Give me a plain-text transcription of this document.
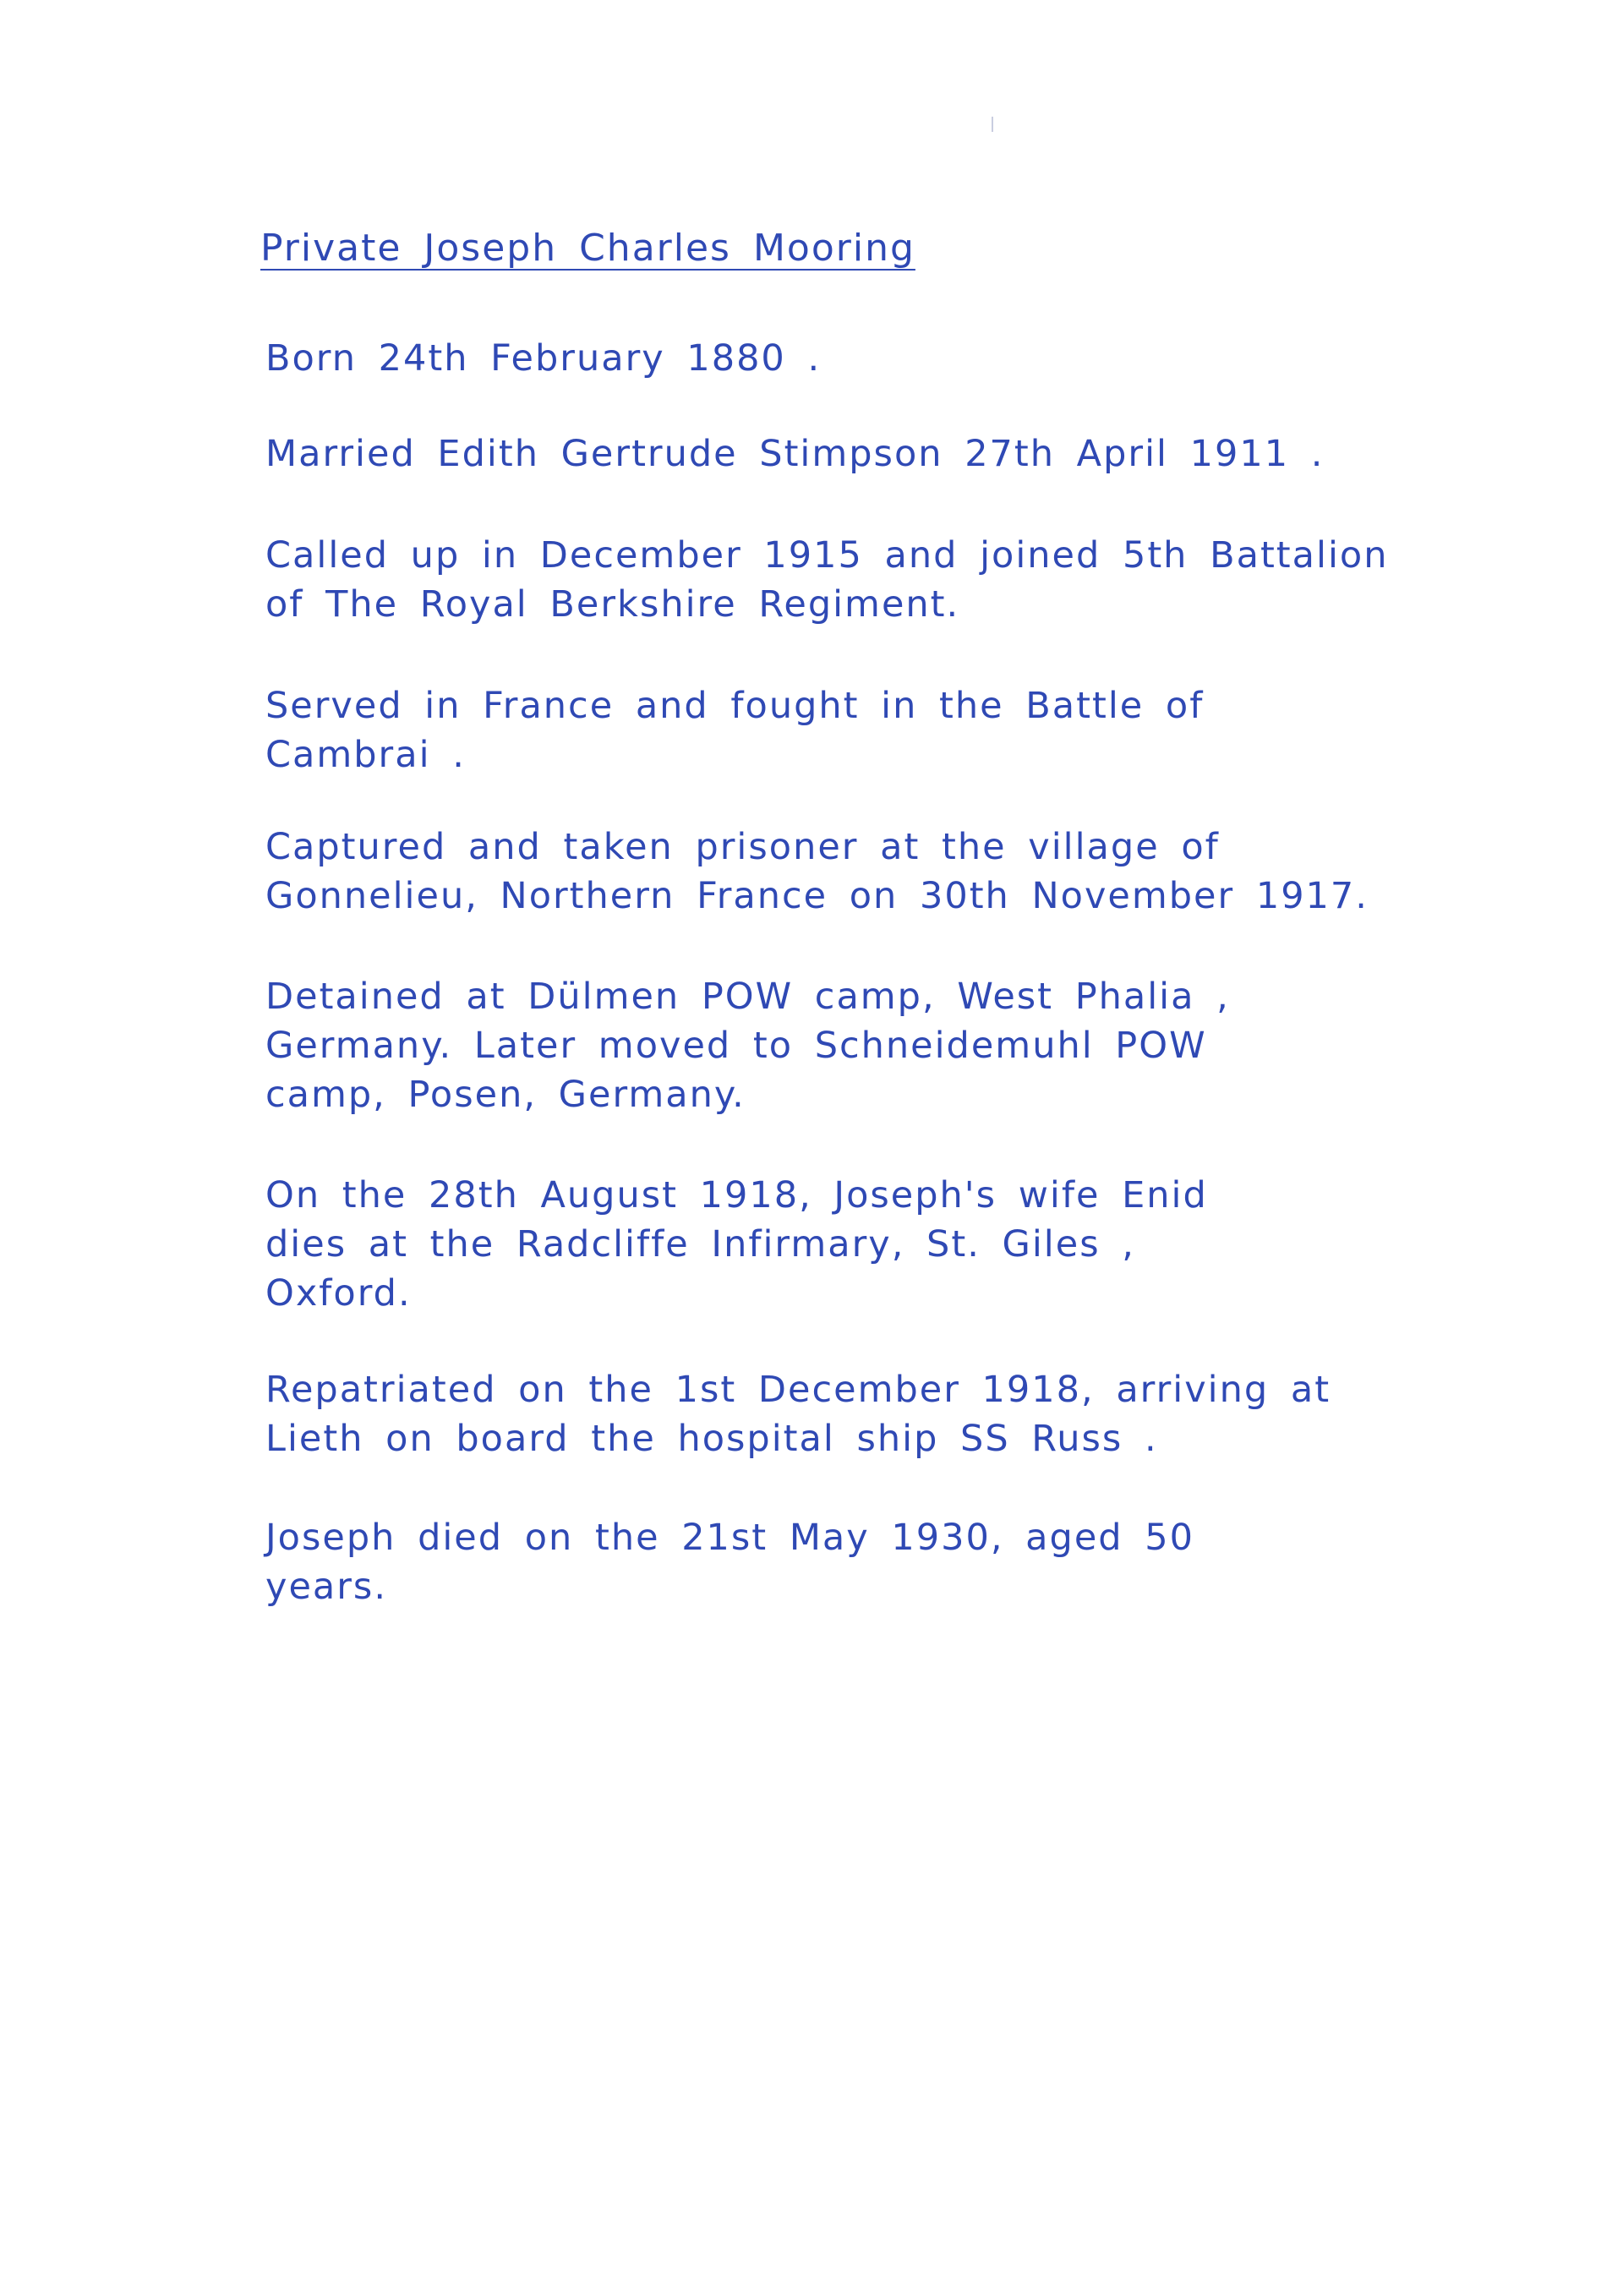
Private Joseph Charles Mooring
Born 24th February 1880 .
Married Edith Gertrude Stimpson 27th April 1911 .
Called up in December 1915 and joined 5th Battalion
of The Royal Berkshire Regiment.
Served in France and fought in the Battle of
Cambrai .
Captured and taken prisoner at the village of
Gonnelieu, Northern France on 30th November 1917.
Detained at Dülmen POW camp, West Phalia ,
Germany. Later moved to Schneidemuhl POW
camp, Posen, Germany.
On the 28th August 1918, Joseph's wife Enid
dies at the Radcliffe Infirmary, St. Giles ,
Oxford.
Repatriated on the 1st December 1918, arriving at
Lieth on board the hospital ship SS Russ .
Joseph died on the 21st May 1930, aged 50
years.
